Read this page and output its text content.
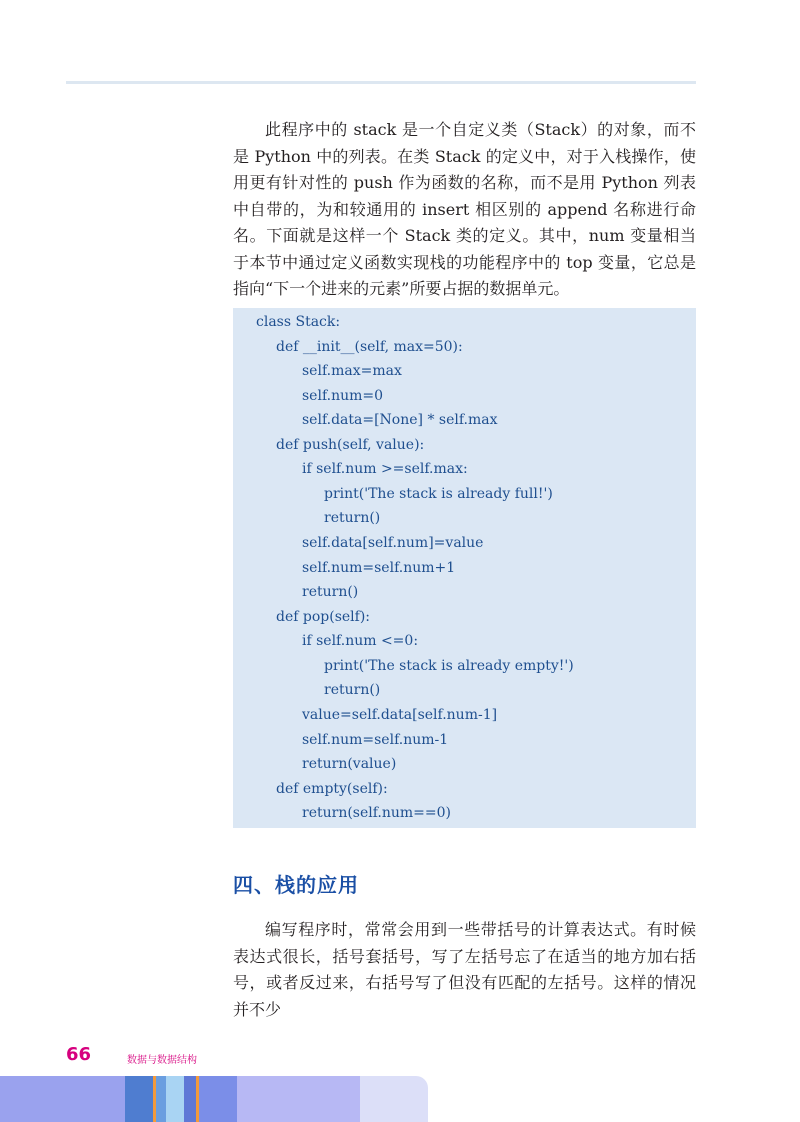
此程序中的 stack 是一个自定义类（Stack）的对象，而不是 Python 中的列表。在类 Stack 的定义中，对于入栈操作，使用更有针对性的 push 作为函数的名称，而不是用 Python 列表中自带的，为和较通用的 insert 相区别的 append 名称进行命名。下面就是这样一个 Stack 类的定义。其中，num 变量相当于本节中通过定义函数实现栈的功能程序中的 top 变量，它总是指向“下一个进来的元素”所要占据的数据单元。

class Stack:
def __init__(self, max=50):
self.max=max
self.num=0
self.data=[None] * self.max
def push(self, value):
if self.num >=self.max:
print('The stack is already full!')
return()
self.data[self.num]=value
self.num=self.num+1
return()
def pop(self):
if self.num <=0:
print('The stack is already empty!')
return()
value=self.data[self.num-1]
self.num=self.num-1
return(value)
def empty(self):
return(self.num==0)
四、栈的应用

编写程序时，常常会用到一些带括号的计算表达式。有时候表达式很长，括号套括号，写了左括号忘了在适当的地方加右括号，或者反过来，右括号写了但没有匹配的左括号。这样的情况并不少

66	数据与数据结构
